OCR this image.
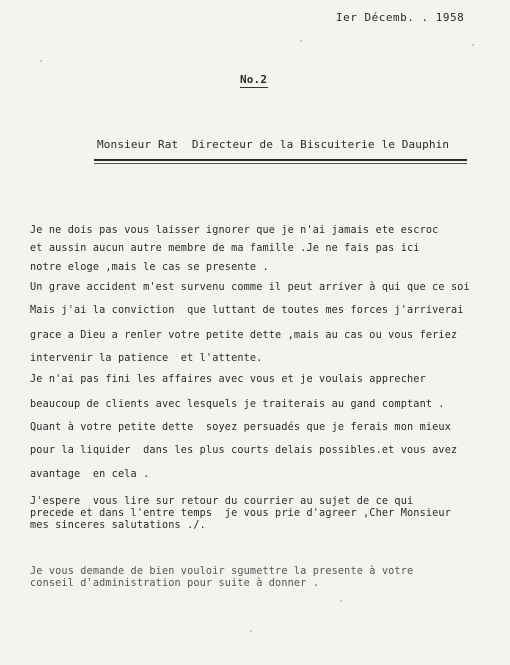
Ier Décemb. . 1958
No.2
Monsieur Rat  Directeur de la Biscuiterie le Dauphin
Je ne dois pas vous laisser ignorer que je n'ai jamais ete escroc
et aussin aucun autre membre de ma famille .Je ne fais pas ici
notre eloge ,mais le cas se presente .
Un grave accident m'est survenu comme il peut arriver à qui que ce soi
Mais j'ai la conviction  que luttant de toutes mes forces j'arriverai
grace a Dieu a renler votre petite dette ,mais au cas ou vous feriez
intervenir la patience  et l'attente.
Je n'ai pas fini les affaires avec vous et je voulais apprecher
beaucoup de clients avec lesquels je traiterais au gand comptant .
Quant à votre petite dette  soyez persuadés que je ferais mon mieux
pour la liquider  dans les plus courts delais possibles.et vous avez
avantage  en cela .
J'espere  vous lire sur retour du courrier au sujet de ce qui
precede et dans l'entre temps  je vous prie d'agreer ,Cher Monsieur
mes sinceres salutations ./.
Je vous demande de bien vouloir sgumettre la presente à votre
conseil d'administration pour suite à donner .
